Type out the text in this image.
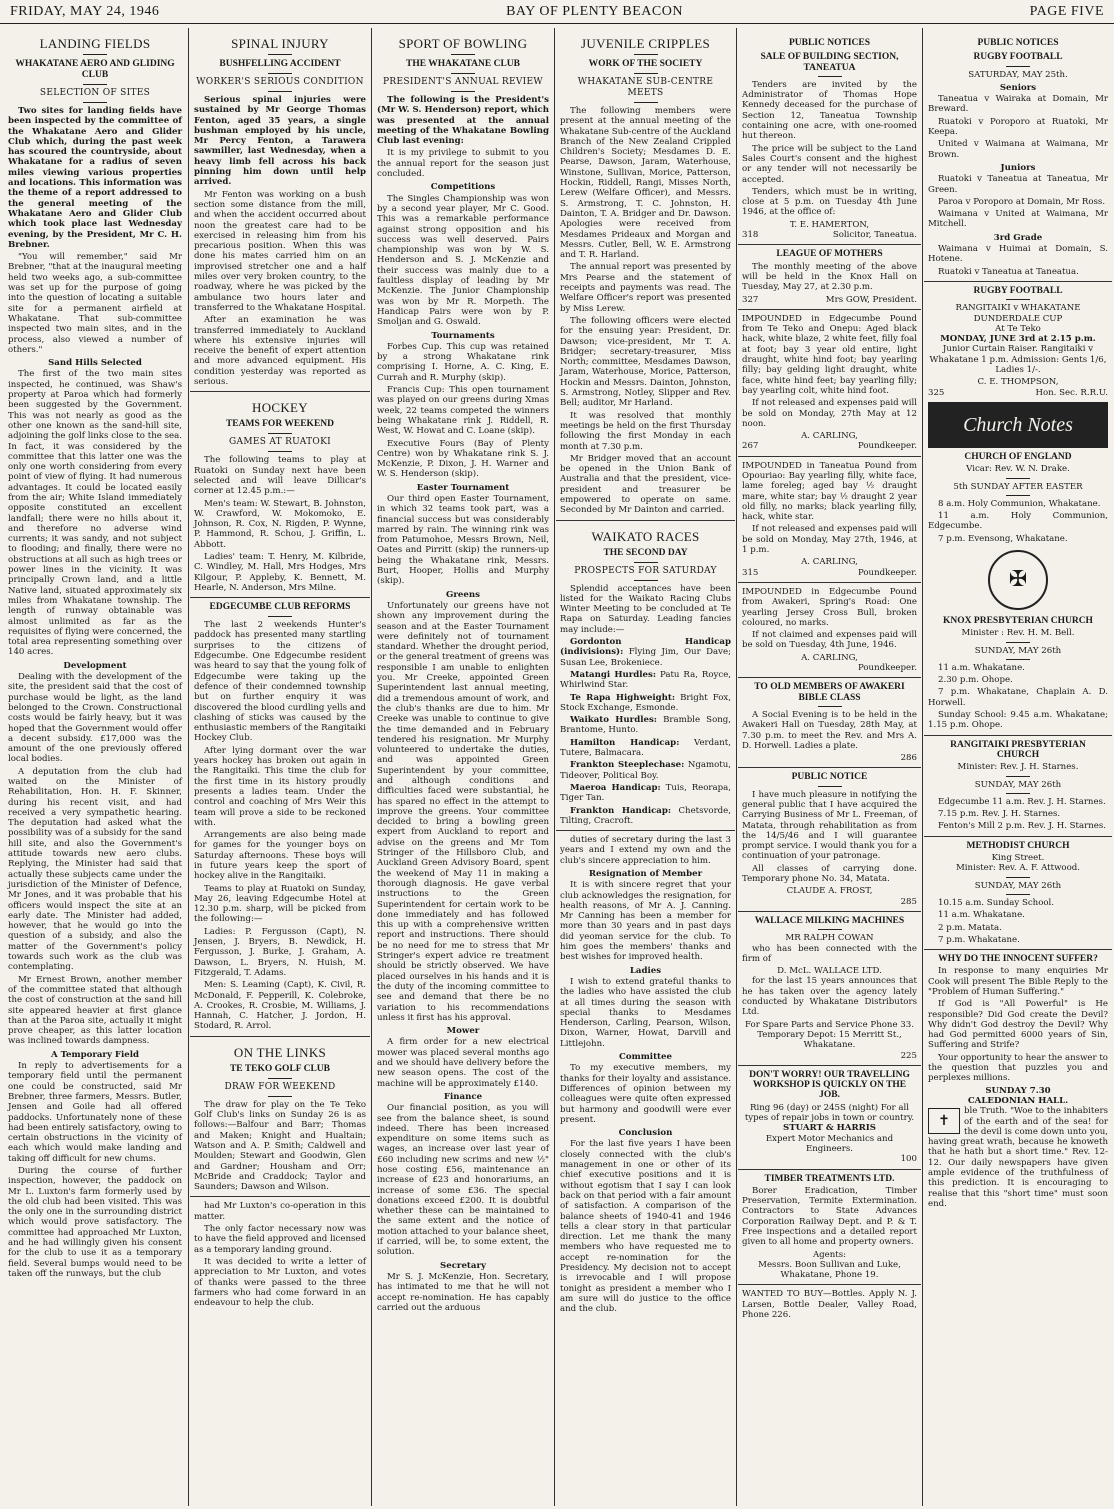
FRIDAY, MAY 24, 1946	BAY OF PLENTY BEACON	PAGE FIVE
LANDING FIELDS
WHAKATANE AERO AND GLIDING CLUB
SELECTION OF SITES

Two sites for landing fields have been inspected by the committee of the Whakatane Aero and Glider Club which, during the past week has scoured the countryside, about Whakatane for a radius of seven miles viewing various properties and locations. This information was the theme of a report addressed to the general meeting of the Whakatane Aero and Glider Club which took place last Wednesday evening, by the President, Mr C. H. Brebner.

"You will remember," said Mr Brebner, "that at the inaugural meeting held two weeks ago, a sub-committee was set up for the purpose of going into the question of locating a suitable site for a permanent airfield at Whakatane. That sub-committee inspected two main sites, and in the process, also viewed a number of others."

Sand Hills Selected

The first of the two main sites inspected, he continued, was Shaw's property at Paroa which had formerly been suggested by the Government. This was not nearly as good as the other one known as the sand-hill site, adjoining the golf links close to the sea. In fact, it was considered by the committee that this latter one was the only one worth considering from every point of view of flying. It had numerous advantages. It could be located easily from the air; White Island immediately opposite constituted an excellent landfall; there were no hills about it, and therefore no adverse wind currents; it was sandy, and not subject to flooding; and finally, there were no obstructions at all such as high trees or power lines in the vicinity. It was principally Crown land, and a little Native land, situated approximately six miles from Whakatane township. The length of runway obtainable was almost unlimited as far as the requisites of flying were concerned, the total area representing something over 140 acres.

Development

Dealing with the development of the site, the president said that the cost of purchase would be light, as the land belonged to the Crown. Constructional costs would be fairly heavy, but it was hoped that the Government would offer a decent subsidy. £17,000 was the amount of the one previously offered local bodies.

A deputation from the club had waited on the Minister of Rehabilitation, Hon. H. F. Skinner, during his recent visit, and had received a very sympathetic hearing. The deputation had asked what the possibility was of a subsidy for the sand hill site, and also the Government's attitude towards new aero clubs. Replying, the Minister had said that actually these subjects came under the jurisdiction of the Minister of Defence, Mr Jones, and it was probable that his officers would inspect the site at an early date. The Minister had added, however, that he would go into the question of a subsidy, and also the matter of the Government's policy towards such work as the club was contemplating.

Mr Ernest Brown, another member of the committee stated that although the cost of construction at the sand hill site appeared heavier at first glance than at the Paroa site, actually it might prove cheaper, as this latter location was inclined towards dampness.

A Temporary Field

In reply to advertisements for a temporary field until the permanent one could be constructed, said Mr Brebner, three farmers, Messrs. Butler, Jensen and Goile had all offered paddocks. Unfortunately none of these had been entirely satisfactory, owing to certain obstructions in the vicinity of each which would make landing and taking off difficult for new chums.

During the course of further inspection, however, the paddock on Mr L. Luxton's farm formerly used by the old club had been visited. This was the only one in the surrounding district which would prove satisfactory. The committee had approached Mr Luxton, and he had willingly given his consent for the club to use it as a temporary field. Several bumps would need to be taken off the runways, but the club

SPINAL INJURY
BUSHFELLING ACCIDENT
WORKER'S SERIOUS CONDITION

Serious spinal injuries were sustained by Mr George Thomas Fenton, aged 35 years, a single bushman employed by his uncle, Mr Percy Fenton, a Tarawera sawmiller, last Wednesday, when a heavy limb fell across his back pinning him down until help arrived.

Mr Fenton was working on a bush section some distance from the mill, and when the accident occurred about noon the greatest care had to be exercised in releasing him from his precarious position. When this was done his mates carried him on an improvised stretcher one and a half miles over very broken country, to the roadway, where he was picked by the ambulance two hours later and transferred to the Whakatane Hospital.

After an examination he was transferred immediately to Auckland where his extensive injuries will receive the benefit of expert attention and more advanced equipment. His condition yesterday was reported as serious.

HOCKEY
TEAMS FOR WEEKEND
GAMES AT RUATOKI

The following teams to play at Ruatoki on Sunday next have been selected and will leave Dillicar's corner at 12.45 p.m.:—

Men's team: W. Stewart, B. Johnston, W. Crawford, W. Mokomoko, E. Johnson, R. Cox, N. Rigden, P. Wynne, P. Hammond, R. Schou, J. Griffin, L. Abbott.

Ladies' team: T. Henry, M. Kilbride, C. Windley, M. Hall, Mrs Hodges, Mrs Kilgour, P. Appleby, K. Bennett, M. Hearle, N. Anderson, Mrs Milne.

EDGECUMBE CLUB REFORMS

The last 2 weekends Hunter's paddock has presented many startling surprises to the citizens of Edgecumbe. One Edgecumbe resident was heard to say that the young folk of Edgecumbe were taking up the defence of their condemned township but on further enquiry it was discovered the blood curdling yells and clashing of sticks was caused by the enthusiastic members of the Rangitaiki Hockey Club.

After lying dormant over the war years hockey has broken out again in the Rangitaiki. This time the club for the first time in its history proudly presents a ladies team. Under the control and coaching of Mrs Weir this team will prove a side to be reckoned with.

Arrangements are also being made for games for the younger boys on Saturday afternoons. These boys will in future years keep the sport of hockey alive in the Rangitaiki.

Teams to play at Ruatoki on Sunday, May 26, leaving Edgecumbe Hotel at 12.30 p.m. sharp, will be picked from the following:—

Ladies: P. Fergusson (Capt), N. Jensen, J. Bryers, B. Newdick, H. Fergusson, J. Burke, J. Graham, A. Dawson, L. Bryers, N. Huish, M. Fitzgerald, T. Adams.

Men: S. Leaming (Capt), K. Civil, R. McDonald, F. Pepperill, K. Colebroke, A. Crookes, R. Crosbie, M. Williams, J. Hannah, C. Hatcher, J. Jordon, H. Stodard, R. Arrol.

ON THE LINKS
TE TEKO GOLF CLUB
DRAW FOR WEEKEND

The draw for play on the Te Teko Golf Club's links on Sunday 26 is as follows:—Balfour and Barr; Thomas and Maken; Knight and Hualtain; Watson and A. P. Smith; Caldwell and Moulden; Stewart and Goodwin, Glen and Gardner; Housham and Orr; McBride and Craddock; Taylor and Saunders; Dawson and Wilson.

had Mr Luxton's co-operation in this matter.

The only factor necessary now was to have the field approved and licensed as a temporary landing ground.

It was decided to write a letter of appreciation to Mr Luxton, and votes of thanks were passed to the three farmers who had come forward in an endeavour to help the club.

SPORT OF BOWLING
THE WHAKATANE CLUB
PRESIDENT'S ANNUAL REVIEW

The following is the President's (Mr W. S. Henderson) report, which was presented at the annual meeting of the Whakatane Bowling Club last evening:

It is my privilege to submit to you the annual report for the season just concluded.

Competitions

The Singles Championship was won by a second year player, Mr C. Good. This was a remarkable performance against strong opposition and his success was well deserved. Pairs championship was won by W. S. Henderson and S. J. McKenzie and their success was mainly due to a faultless display of leading by Mr McKenzie. The Junior Championship was won by Mr R. Morpeth. The Handicap Pairs were won by P. Smoljan and G. Oswald.

Tournaments

Forbes Cup. This cup was retained by a strong Whakatane rink comprising I. Horne, A. C. King, E. Currah and R. Murphy (skip).

Francis Cup: This open tournament was played on our greens during Xmas week, 22 teams competed the winners being Whakatane rink J. Riddell, R. West, W. Howat and C. Loane (skip).

Executive Fours (Bay of Plenty Centre) won by Whakatane rink S. J. McKenzie, P. Dixon, J. H. Warner and W. S. Henderson (skip).

Easter Tournament

Our third open Easter Tournament, in which 32 teams took part, was a financial success but was considerably marred by rain. The winning rink was from Patumohoe, Messrs Brown, Neil, Oates and Pirritt (skip) the runners-up being the Whakatane rink, Messrs. Burt, Hooper, Hollis and Murphy (skip).

Greens

Unfortunately our greens have not shown any improvement during the season and at the Easter Tournament were definitely not of tournament standard. Whether the drought period, or the general treatment of greens was responsible I am unable to enlighten you. Mr Creeke, appointed Green Superintendent last annual meeting, did a tremendous amount of work, and the club's thanks are due to him. Mr Creeke was unable to continue to give the time demanded and in February tendered his resignation. Mr Murphy volunteered to undertake the duties, and was appointed Green Superintendent by your committee, and although conditions and difficulties faced were substantial, he has spared no effect in the attempt to improve the greens. Your committee decided to bring a bowling green expert from Auckland to report and advise on the greens and Mr Tom Stringer of the Hillsboro Club, and Auckland Green Advisory Board, spent the weekend of May 11 in making a thorough diagnosis. He gave verbal instructions to the Green Superintendent for certain work to be done immediately and has followed this up with a comprehensive written report and instructions. There should be no need for me to stress that Mr Stringer's expert advice re treatment should be strictly observed. We have placed ourselves in his hands and it is the duty of the incoming committee to see and demand that there be no variation to his recommendations unless it first has his approval.

Mower

A firm order for a new electrical mower was placed several months ago and we should have delivery before the new season opens. The cost of the machine will be approximately £140.

Finance

Our financial position, as you will see from the balance sheet, is sound indeed. There has been increased expenditure on some items such as wages, an increase over last year of £60 including new scrims and new ½" hose costing £56, maintenance an increase of £23 and honorariums, an increase of some £36. The special donations exceed £200. It is doubtful whether these can be maintained to the same extent and the notice of motion attached to your balance sheet, if carried, will be, to some extent, the solution.

Secretary

Mr S. J. McKenzie, Hon. Secretary, has intimated to me that he will not accept re-nomination. He has capably carried out the arduous

JUVENILE CRIPPLES
WORK OF THE SOCIETY
WHAKATANE SUB-CENTRE MEETS

The following members were present at the annual meeting of the Whakatane Sub-centre of the Auckland Branch of the New Zealand Crippled Children's Society; Mesdames D. E. Pearse, Dawson, Jaram, Waterhouse, Winstone, Sullivan, Morice, Patterson, Hockin, Riddell, Rangi, Misses North, Lerew (Welfare Officer), and Messrs. S. Armstrong, T. C. Johnston, H. Dainton, T. A. Bridger and Dr. Dawson. Apologies were received from Mesdames Prideaux and Morgan and Messrs. Cutler, Bell, W. E. Armstrong and T. R. Harland.

The annual report was presented by Mrs Pearse and the statement of receipts and payments was read. The Welfare Officer's report was presented by Miss Lerew.

The following officers were elected for the ensuing year: President, Dr. Dawson; vice-president, Mr T. A. Bridger; secretary-treasurer, Miss North; committee, Mesdames Dawson, Jaram, Waterhouse, Morice, Patterson, Hockin and Messrs. Dainton, Johnston, S. Armstrong, Notley, Slipper and Rev. Bell; auditor, Mr Harland.

It was resolved that monthly meetings be held on the first Thursday following the first Monday in each month at 7.30 p.m.

Mr Bridger moved that an account be opened in the Union Bank of Australia and that the president, vice-president and treasurer be empowered to operate on same. Seconded by Mr Dainton and carried.

WAIKATO RACES
THE SECOND DAY
PROSPECTS FOR SATURDAY

Splendid acceptances have been listed for the Waikato Racing Clubs Winter Meeting to be concluded at Te Rapa on Saturday. Leading fancies may include:—

Gordonton Handicap (indivisions): Flying Jim, Our Dave; Susan Lee, Brokeniece.

Matangi Hurdles: Patu Ra, Royce, Whirlwind Star.

Te Rapa Highweight: Bright Fox, Stock Exchange, Esmonde.

Waikato Hurdles: Bramble Song, Brantome, Hunto.

Hamilton Handicap: Verdant, Tutere, Balmacara.

Frankton Steeplechase: Ngamotu, Tideover, Political Boy.

Maeroa Handicap: Tuis, Reorapa, Tiger Tan.

Frankton Handicap: Chetsvorde, Tilting, Cracroft.

duties of secretary during the last 3 years and I extend my own and the club's sincere appreciation to him.

Resignation of Member

It is with sincere regret that your club acknowledges the resignation, for health reasons, of Mr A. J. Canning. Mr Canning has been a member for more than 30 years and in past days did yeoman service for the club. To him goes the members' thanks and best wishes for improved health.

Ladies

I wish to extend grateful thanks to the ladies who have assisted the club at all times during the season with special thanks to Mesdames Henderson, Carling, Pearson, Wilson, Dixon, Warner, Howat, Darvill and Littlejohn.

Committee

To my executive members, my thanks for their loyalty and assistance. Differences of opinion between my colleagues were quite often expressed but harmony and goodwill were ever present.

Conclusion

For the last five years I have been closely connected with the club's management in one or other of its chief executive positions and it is without egotism that I say I can look back on that period with a fair amount of satisfaction. A comparison of the balance sheets of 1940-41 and 1946 tells a clear story in that particular direction. Let me thank the many members who have requested me to accept re-nomination for the Presidency. My decision not to accept is irrevocable and I will propose tonight as president a member who I am sure will do justice to the office and the club.

PUBLIC NOTICES
SALE OF BUILDING SECTION, TANEATUA

Tenders are invited by the Administrator of Thomas Hope Kennedy deceased for the purchase of Section 12, Taneatua Township containing one acre, with one-roomed hut thereon.

The price will be subject to the Land Sales Court's consent and the highest or any tender will not necessarily be accepted.

Tenders, which must be in writing, close at 5 p.m. on Tuesday 4th June 1946, at the office of:

T. E. HAMERTON,
318	Solicitor, Taneatua.
LEAGUE OF MOTHERS

The monthly meeting of the above will be held in the Knox Hall on Tuesday, May 27, at 2.30 p.m.

327	Mrs GOW, President.

IMPOUNDED in Edgecumbe Pound from Te Teko and Onepu: Aged black hack, white blaze, 2 white feet, filly foal at foot; bay 3 year old entire, light draught, white hind foot; bay yearling filly; bay gelding light draught, white face, white hind feet; bay yearling filly; bay yearling colt, white hind foot.

If not released and expenses paid will be sold on Monday, 27th May at 12 noon.

A. CARLING,
267	Poundkeeper.

IMPOUNDED in Taneatua Pound from Opouriao: Bay yearling filly, white face, lame foreleg; aged bay ½ draught mare, white star; bay ½ draught 2 year old filly, no marks; black yearling filly, hack, white star.

If not released and expenses paid will be sold on Monday, May 27th, 1946, at 1 p.m.

A. CARLING,
315	Poundkeeper.

IMPOUNDED in Edgecumbe Pound from Awakeri, Spring's Road: One yearling Jersey Cross Bull, broken coloured, no marks.

If not claimed and expenses paid will be sold on Tuesday, 4th June, 1946.

A. CARLING,
Poundkeeper.
TO OLD MEMBERS OF AWAKERI BIBLE CLASS

A Social Evening is to be held in the Awakeri Hall on Tuesday, 28th May, at 7.30 p.m. to meet the Rev. and Mrs A. D. Horwell. Ladies a plate.

286
PUBLIC NOTICE

I have much pleasure in notifying the general public that I have acquired the Carrying Business of Mr L. Freeman, of Matata, through rehabilitation as from the 14/5/46 and I will guarantee prompt service. I would thank you for a continuation of your patronage.

All classes of carrying done. Temporary phone No. 34, Matata.

CLAUDE A. FROST,
285
WALLACE MILKING MACHINES
MR RALPH COWAN

who has been connected with the firm of

D. McL. WALLACE LTD.

for the last 15 years announces that he has taken over the agency lately conducted by Whakatane Distributors Ltd.

For Spare Parts and Service Phone 33.
Temporary Depot: 15 Merritt St., Whakatane.
225
DON'T WORRY! OUR TRAVELLING WORKSHOP IS QUICKLY ON THE JOB.
Ring 96 (day) or 245S (night) For all types of repair jobs in town or country.
STUART & HARRIS
Expert Motor Mechanics and Engineers.
100
TIMBER TREATMENTS LTD.

Borer Eradication, Timber Preservation, Termite Extermination. Contractors to State Advances Corporation Railway Dept. and P. & T. Free inspections and a detailed report given to all home and property owners.

Agents:
Messrs. Boon Sullivan and Luke, Whakatane, Phone 19.

WANTED TO BUY—Bottles. Apply N. J. Larsen, Bottle Dealer, Valley Road, Phone 226.

PUBLIC NOTICES
RUGBY FOOTBALL
SATURDAY, MAY 25th.
Seniors

Taneatua v Wairaka at Domain, Mr Breward.

Ruatoki v Poroporo at Ruatoki, Mr Keepa.

United v Waimana at Waimana, Mr Brown.

Juniors

Ruatoki v Taneatua at Taneatua, Mr Green.

Paroa v Poroporo at Domain, Mr Ross.

Waimana v United at Waimana, Mr Mitchell.

3rd Grade

Waimana v Huimai at Domain, S. Hotene.

Ruatoki v Taneatua at Taneatua.

RUGBY FOOTBALL
RANGITAIKI v WHAKATANE
DUNDERDALE CUP
At Te Teko
MONDAY, JUNE 3rd at 2.15 p.m.

Junior Curtain Raiser. Rangitaiki v Whakatane 1 p.m. Admission: Gents 1/6, Ladies 1/-.

C. E. THOMPSON,
325	Hon. Sec. R.R.U.
Church Notes
CHURCH OF ENGLAND
Vicar: Rev. W. N. Drake.
5th SUNDAY AFTER EASTER

8 a.m. Holy Communion, Whakatane.

11 a.m. Holy Communion, Edgecumbe.

7 p.m. Evensong, Whakatane.

✠
KNOX PRESBYTERIAN CHURCH
Minister : Rev. H. M. Bell.
SUNDAY, MAY 26th

11 a.m. Whakatane.

2.30 p.m. Ohope.

7 p.m. Whakatane, Chaplain A. D. Horwell.

Sunday School: 9.45 a.m. Whakatane; 1.15 p.m. Ohope.

RANGITAIKI PRESBYTERIAN CHURCH
Minister: Rev. J. H. Starnes.
SUNDAY, MAY 26th

Edgecumbe 11 a.m. Rev. J. H. Starnes.

7.15 p.m. Rev. J. H. Starnes.

Fenton's Mill 2 p.m. Rev. J. H. Starnes.

METHODIST CHURCH
King Street.
Minister: Rev. A. F. Attwood.
SUNDAY, MAY 26th

10.15 a.m. Sunday School.

11 a.m. Whakatane.

2 p.m. Matata.

7 p.m. Whakatane.

WHY DO THE INNOCENT SUFFER?

In response to many enquiries Mr Cook will present The Bible Reply to the "Problem of Human Suffering."

If God is "All Powerful" is He responsible? Did God create the Devil? Why didn't God destroy the Devil? Why had God permitted 6000 years of Sin, Suffering and Strife?

Your opportunity to hear the answer to the question that puzzles you and perplexes millions.

SUNDAY 7.30
CALEDONIAN HALL.
✝

ble Truth. "Woe to the inhabiters of the earth and of the sea! for the devil is come down unto you, having great wrath, because he knoweth that he hath but a short time." Rev. 12-12. Our daily newspapers have given ample evidence of the truthfulness of this prediction. It is encouraging to realise that this "short time" must soon end.
